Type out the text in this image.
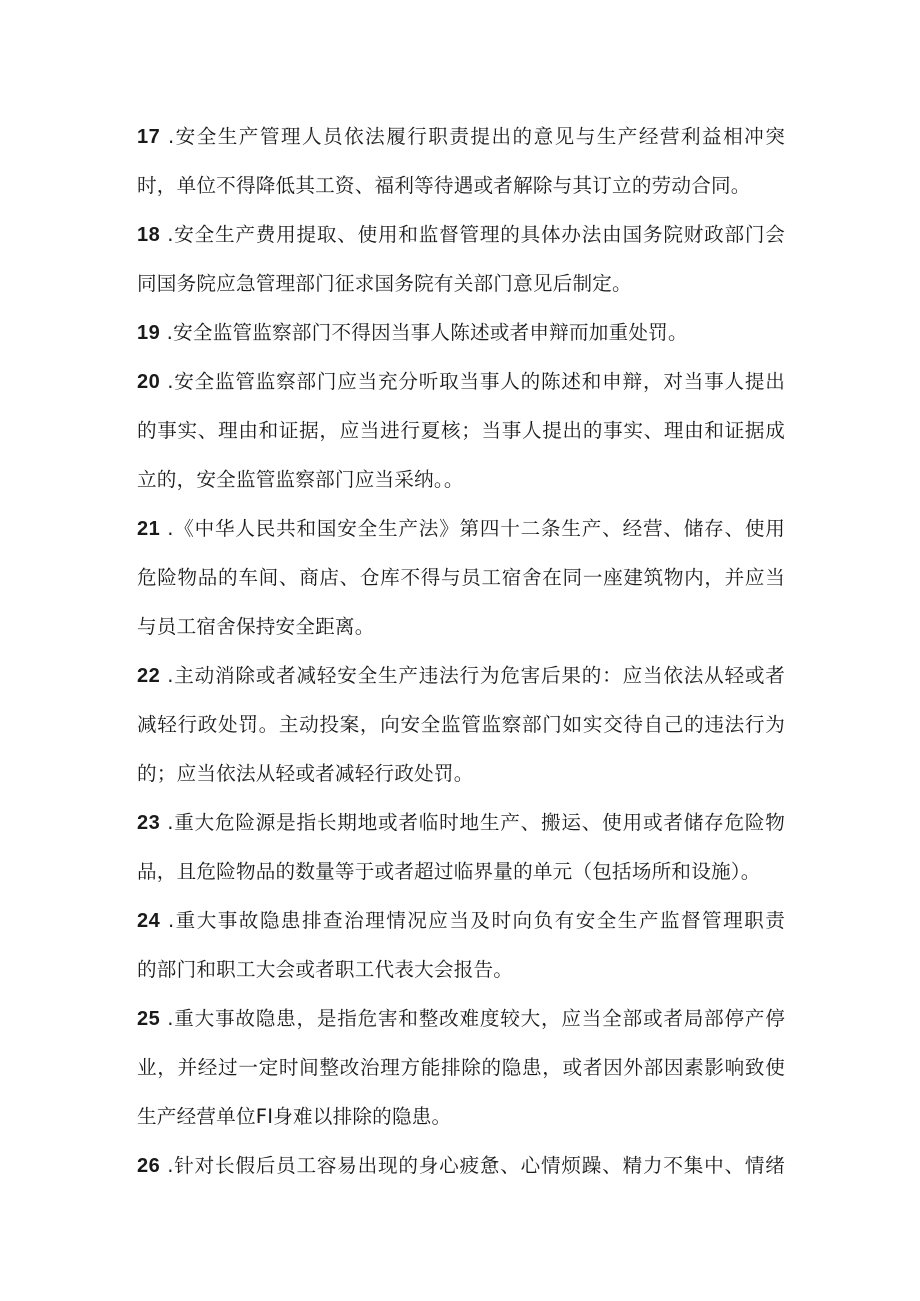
17 .安全生产管理人员依法履行职责提出的意见与生产经营利益相冲突
时，单位不得降低其工资、福利等待遇或者解除与其订立的劳动合同。
18 .安全生产费用提取、使用和监督管理的具体办法由国务院财政部门会
同国务院应急管理部门征求国务院有关部门意见后制定。
19 .安全监管监察部门不得因当事人陈述或者申辩而加重处罚。
20 .安全监管监察部门应当充分听取当事人的陈述和申辩，对当事人提出
的事实、理由和证据，应当进行夏核；当事人提出的事实、理由和证据成
立的，安全监管监察部门应当采纳。。
21 .《中华人民共和国安全生产法》第四十二条生产、经营、储存、使用
危险物品的车间、商店、仓库不得与员工宿舍在同一座建筑物内，并应当
与员工宿舍保持安全距离。
22 .主动消除或者减轻安全生产违法行为危害后果的：应当依法从轻或者
减轻行政处罚。主动投案，向安全监管监察部门如实交待自己的违法行为
的；应当依法从轻或者减轻行政处罚。
23 .重大危险源是指长期地或者临时地生产、搬运、使用或者储存危险物
品，且危险物品的数量等于或者超过临界量的单元（包括场所和设施）。
24 .重大事故隐患排查治理情况应当及时向负有安全生产监督管理职责
的部门和职工大会或者职工代表大会报告。
25 .重大事故隐患，是指危害和整改难度较大，应当全部或者局部停产停
业，并经过一定时间整改治理方能排除的隐患，或者因外部因素影响致使
生产经营单位FI身难以排除的隐患。
26 .针对长假后员工容易出现的身心疲惫、心情烦躁、精力不集中、情绪
